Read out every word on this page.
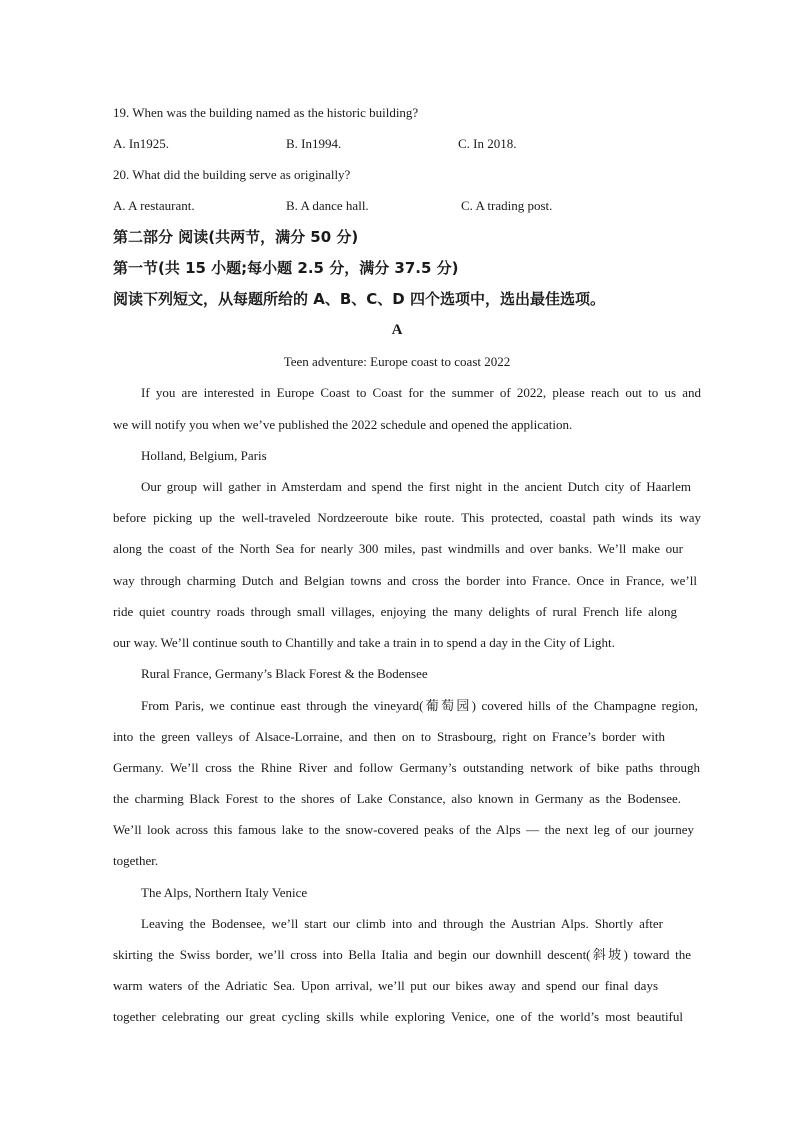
19. When was the building named as the historic building?
A. In1925.	B. In1994.	C. In 2018.
20. What did the building serve as originally?
A. A restaurant.	B. A dance hall.	C. A trading post.
第二部分 阅读(共两节，满分 50 分)
第一节(共 15 小题;每小题 2.5 分，满分 37.5 分)
阅读下列短文，从每题所给的 A、B、C、D 四个选项中，选出最佳选项。
A
Teen adventure: Europe coast to coast 2022
If you are interested in Europe Coast to Coast for the summer of 2022, please reach out to us and
we will notify you when we’ve published the 2022 schedule and opened the application.
Holland, Belgium, Paris
Our group will gather in Amsterdam and spend the first night in the ancient Dutch city of Haarlem
before picking up the well-traveled Nordzeeroute bike route. This protected, coastal path winds its way
along the coast of the North Sea for nearly 300 miles, past windmills and over banks. We’ll make our
way through charming Dutch and Belgian towns and cross the border into France. Once in France, we’ll
ride quiet country roads through small villages, enjoying the many delights of rural French life along
our way. We’ll continue south to Chantilly and take a train in to spend a day in the City of Light.
Rural France, Germany’s Black Forest & the Bodensee
From Paris, we continue east through the vineyard(葡萄园) covered hills of the Champagne region,
into the green valleys of Alsace-Lorraine, and then on to Strasbourg, right on France’s border with
Germany. We’ll cross the Rhine River and follow Germany’s outstanding network of bike paths through
the charming Black Forest to the shores of Lake Constance, also known in Germany as the Bodensee.
We’ll look across this famous lake to the snow-covered peaks of the Alps — the next leg of our journey
together.
The Alps, Northern Italy Venice
Leaving the Bodensee, we’ll start our climb into and through the Austrian Alps. Shortly after
skirting the Swiss border, we’ll cross into Bella Italia and begin our downhill descent(斜坡) toward the
warm waters of the Adriatic Sea. Upon arrival, we’ll put our bikes away and spend our final days
together celebrating our great cycling skills while exploring Venice, one of the world’s most beautiful
